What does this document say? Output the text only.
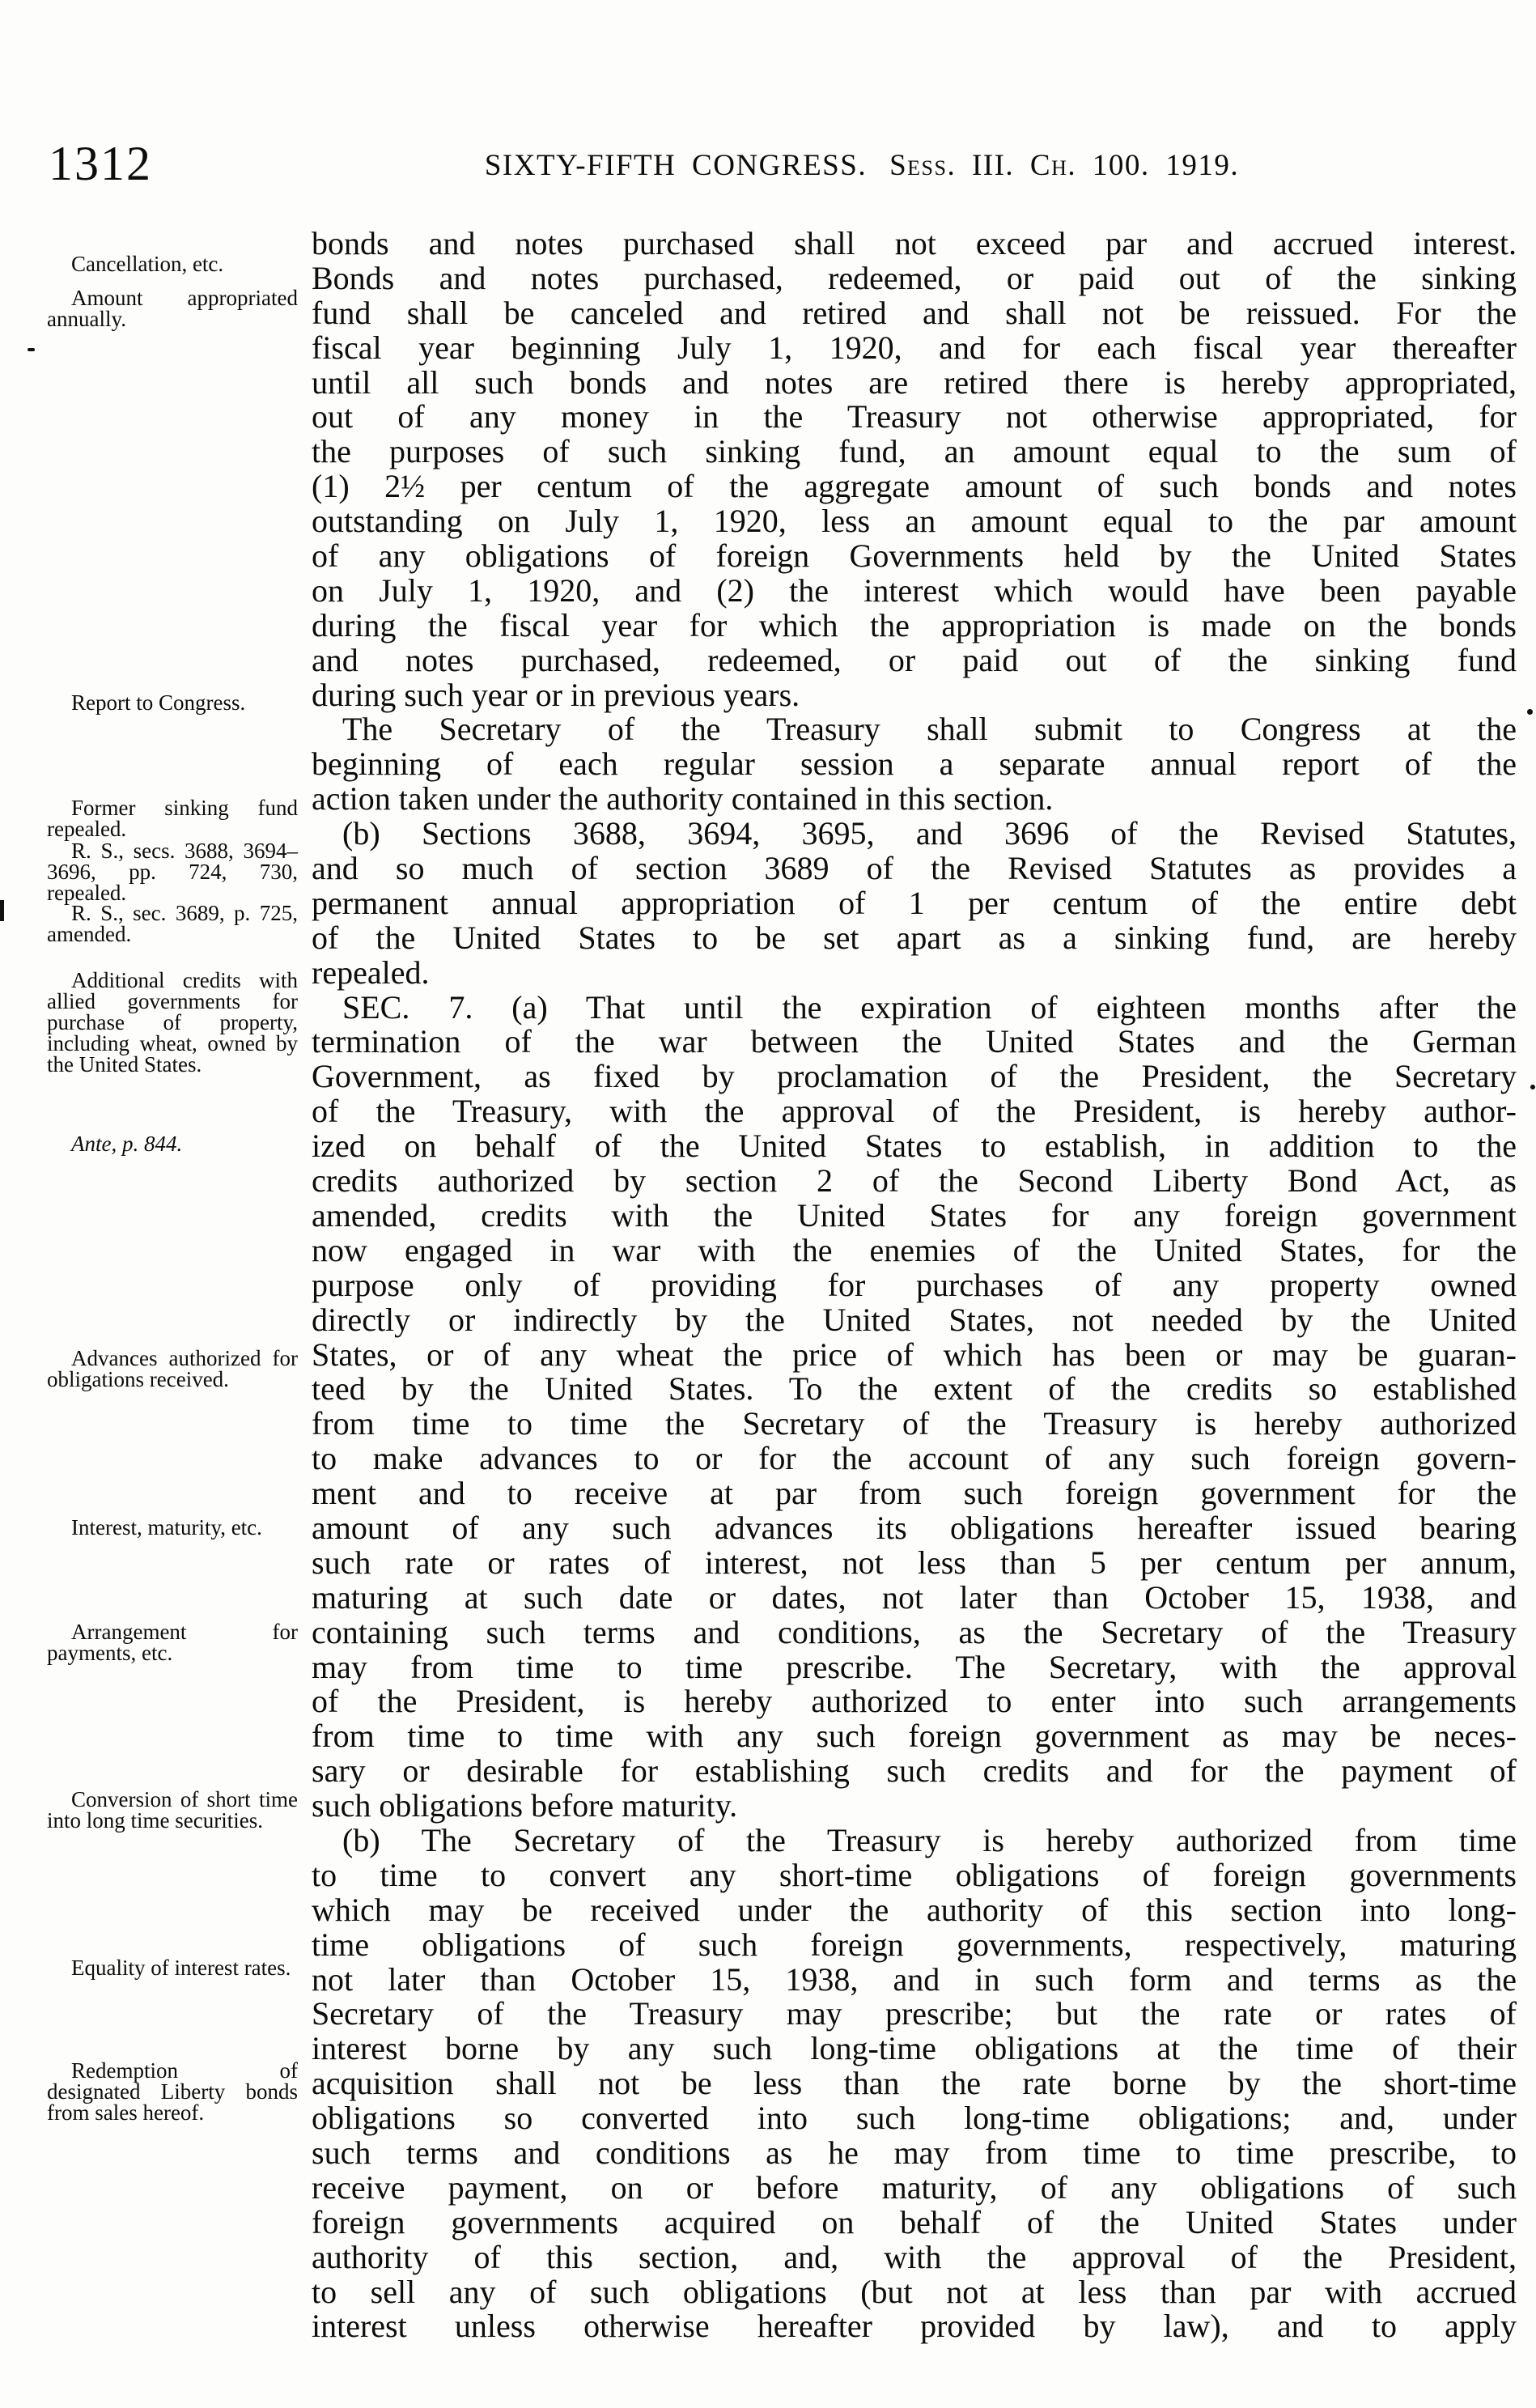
1312	SIXTY-FIFTH CONGRESS. Sess. III. Ch. 100. 1919.
Cancellation, etc.
Amount appropriated annually.
Report to Congress.
Former sinking fund repealed.
R. S., secs. 3688, 3694–3696, pp. 724, 730, repealed.
R. S., sec. 3689, p. 725, amended.
Additional credits with allied governments for purchase of property, including wheat, owned by the United States.
Ante, p. 844.
Advances authorized for obligations received.
Interest, maturity, etc.
Arrangement for payments, etc.
Conversion of short time into long time securities.
Equality of interest rates.
Redemption of designated Liberty bonds from sales hereof.
bonds and notes purchased shall not exceed par and accrued interest.
Bonds and notes purchased, redeemed, or paid out of the sinking
fund shall be canceled and retired and shall not be reissued. For the
fiscal year beginning July 1, 1920, and for each fiscal year thereafter
until all such bonds and notes are retired there is hereby appropriated,
out of any money in the Treasury not otherwise appropriated, for
the purposes of such sinking fund, an amount equal to the sum of
(1) 2½ per centum of the aggregate amount of such bonds and notes
outstanding on July 1, 1920, less an amount equal to the par amount
of any obligations of foreign Governments held by the United States
on July 1, 1920, and (2) the interest which would have been payable
during the fiscal year for which the appropriation is made on the bonds
and notes purchased, redeemed, or paid out of the sinking fund
during such year or in previous years.
The Secretary of the Treasury shall submit to Congress at the
beginning of each regular session a separate annual report of the
action taken under the authority contained in this section.
(b) Sections 3688, 3694, 3695, and 3696 of the Revised Statutes,
and so much of section 3689 of the Revised Statutes as provides a
permanent annual appropriation of 1 per centum of the entire debt
of the United States to be set apart as a sinking fund, are hereby
repealed.
SEC. 7. (a) That until the expiration of eighteen months after the
termination of the war between the United States and the German
Government, as fixed by proclamation of the President, the Secretary
of the Treasury, with the approval of the President, is hereby author-
ized on behalf of the United States to establish, in addition to the
credits authorized by section 2 of the Second Liberty Bond Act, as
amended, credits with the United States for any foreign government
now engaged in war with the enemies of the United States, for the
purpose only of providing for purchases of any property owned
directly or indirectly by the United States, not needed by the United
States, or of any wheat the price of which has been or may be guaran-
teed by the United States. To the extent of the credits so established
from time to time the Secretary of the Treasury is hereby authorized
to make advances to or for the account of any such foreign govern-
ment and to receive at par from such foreign government for the
amount of any such advances its obligations hereafter issued bearing
such rate or rates of interest, not less than 5 per centum per annum,
maturing at such date or dates, not later than October 15, 1938, and
containing such terms and conditions, as the Secretary of the Treasury
may from time to time prescribe. The Secretary, with the approval
of the President, is hereby authorized to enter into such arrangements
from time to time with any such foreign government as may be neces-
sary or desirable for establishing such credits and for the payment of
such obligations before maturity.
(b) The Secretary of the Treasury is hereby authorized from time
to time to convert any short-time obligations of foreign governments
which may be received under the authority of this section into long-
time obligations of such foreign governments, respectively, maturing
not later than October 15, 1938, and in such form and terms as the
Secretary of the Treasury may prescribe; but the rate or rates of
interest borne by any such long-time obligations at the time of their
acquisition shall not be less than the rate borne by the short-time
obligations so converted into such long-time obligations; and, under
such terms and conditions as he may from time to time prescribe, to
receive payment, on or before maturity, of any obligations of such
foreign governments acquired on behalf of the United States under
authority of this section, and, with the approval of the President,
to sell any of such obligations (but not at less than par with accrued
interest unless otherwise hereafter provided by law), and to apply
